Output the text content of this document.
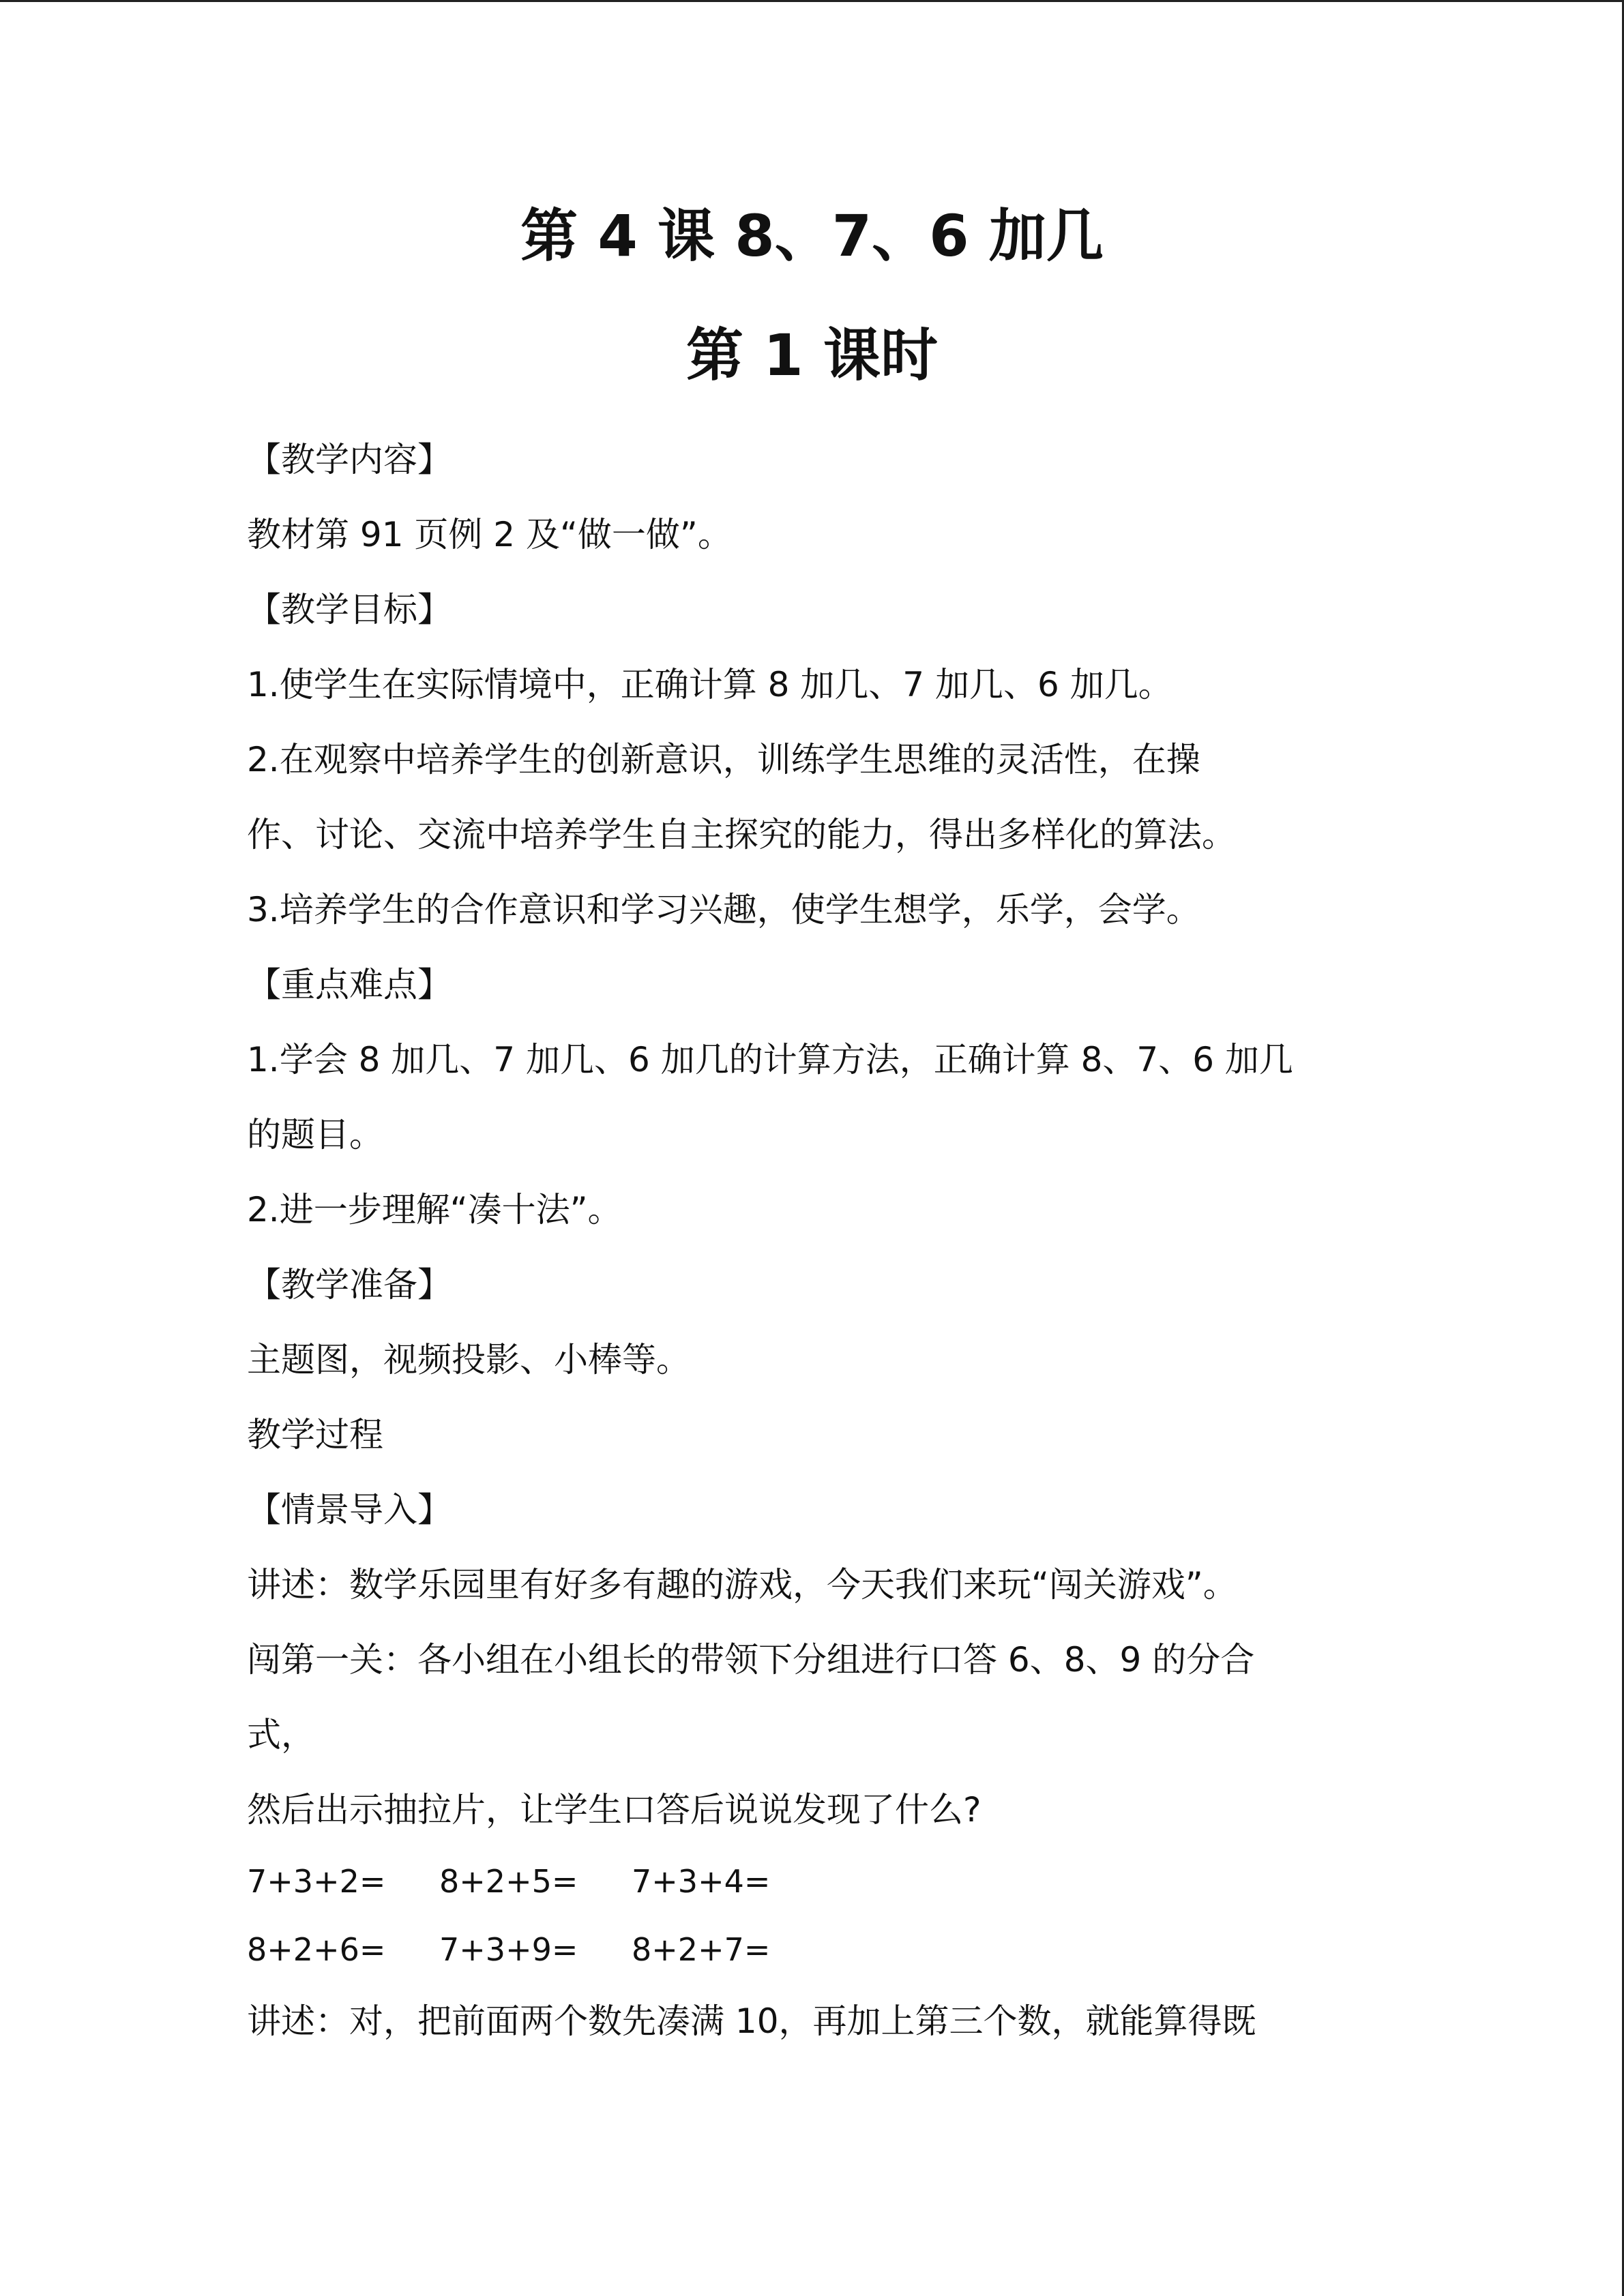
第 4 课 8、7、6 加几
第 1 课时

【教学内容】

教材第 91 页例 2 及“做一做”。

【教学目标】

1.使学生在实际情境中，正确计算 8 加几、7 加几、6 加几。

2.在观察中培养学生的创新意识，训练学生思维的灵活性，在操

作、讨论、交流中培养学生自主探究的能力，得出多样化的算法。

3.培养学生的合作意识和学习兴趣，使学生想学，乐学，会学。

【重点难点】

1.学会 8 加几、7 加几、6 加几的计算方法，正确计算 8、7、6 加几

的题目。

2.进一步理解“凑十法”。

【教学准备】

主题图，视频投影、小棒等。

教学过程

【情景导入】

讲述：数学乐园里有好多有趣的游戏，今天我们来玩“闯关游戏”。

闯第一关：各小组在小组长的带领下分组进行口答 6、8、9 的分合

式，

然后出示抽拉片，让学生口答后说说发现了什么?

7+3+2=	8+2+5=	7+3+4=
8+2+6=	7+3+9=	8+2+7=

讲述：对，把前面两个数先凑满 10，再加上第三个数，就能算得既
